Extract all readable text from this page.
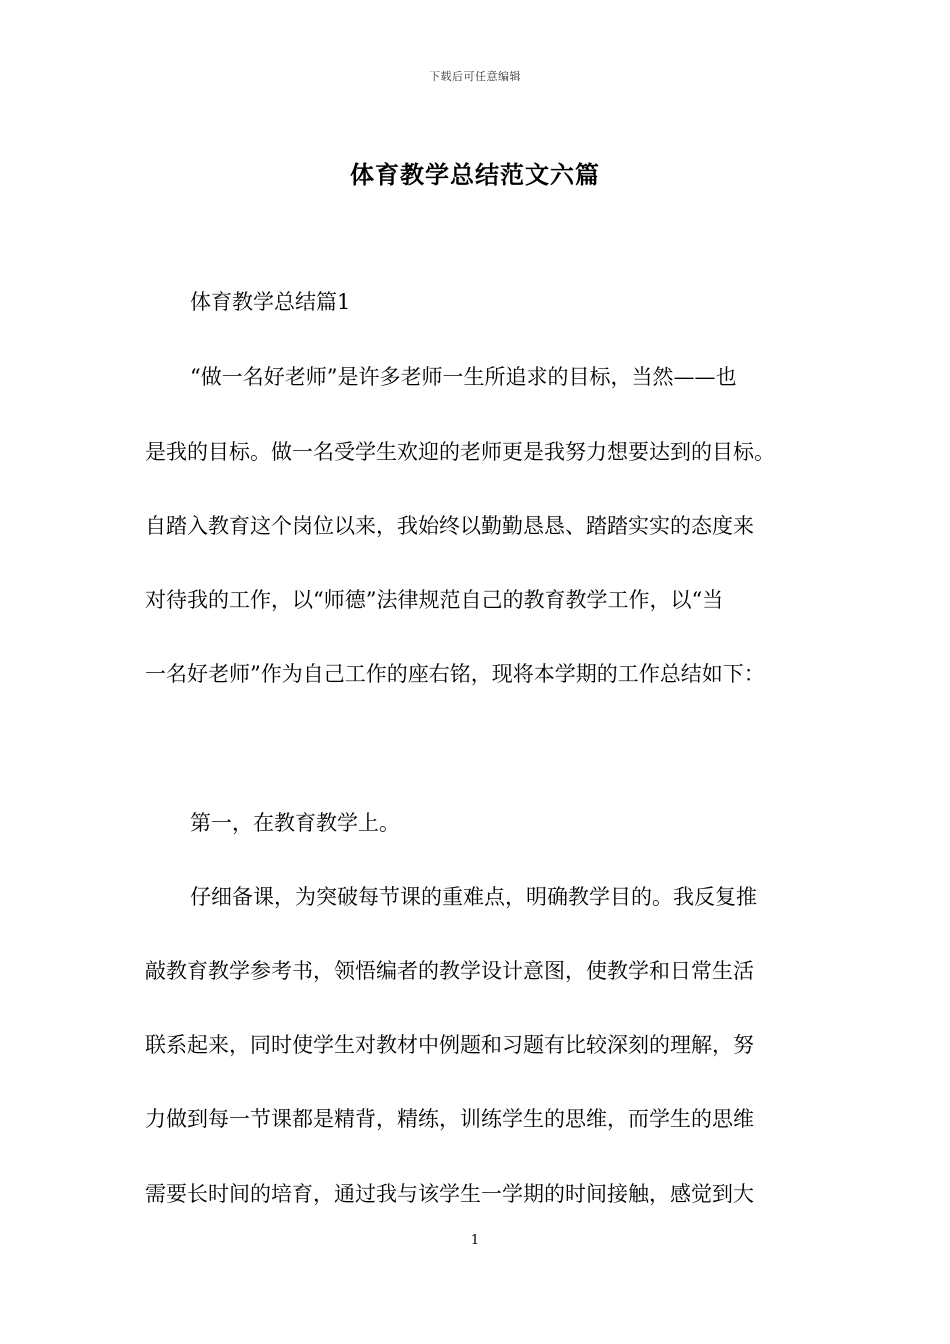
下载后可任意编辑
体育教学总结范文六篇
体育教学总结篇1
“做一名好老师”是许多老师一生所追求的目标，当然——也
是我的目标。做一名受学生欢迎的老师更是我努力想要达到的目标。
自踏入教育这个岗位以来，我始终以勤勤恳恳、踏踏实实的态度来
对待我的工作，以“师德”法律规范自己的教育教学工作，以“当
一名好老师”作为自己工作的座右铭，现将本学期的工作总结如下：
第一，在教育教学上。
仔细备课，为突破每节课的重难点，明确教学目的。我反复推
敲教育教学参考书，领悟编者的教学设计意图，使教学和日常生活
联系起来，同时使学生对教材中例题和习题有比较深刻的理解，努
力做到每一节课都是精背，精练，训练学生的思维，而学生的思维
需要长时间的培育，通过我与该学生一学期的时间接触，感觉到大
1
